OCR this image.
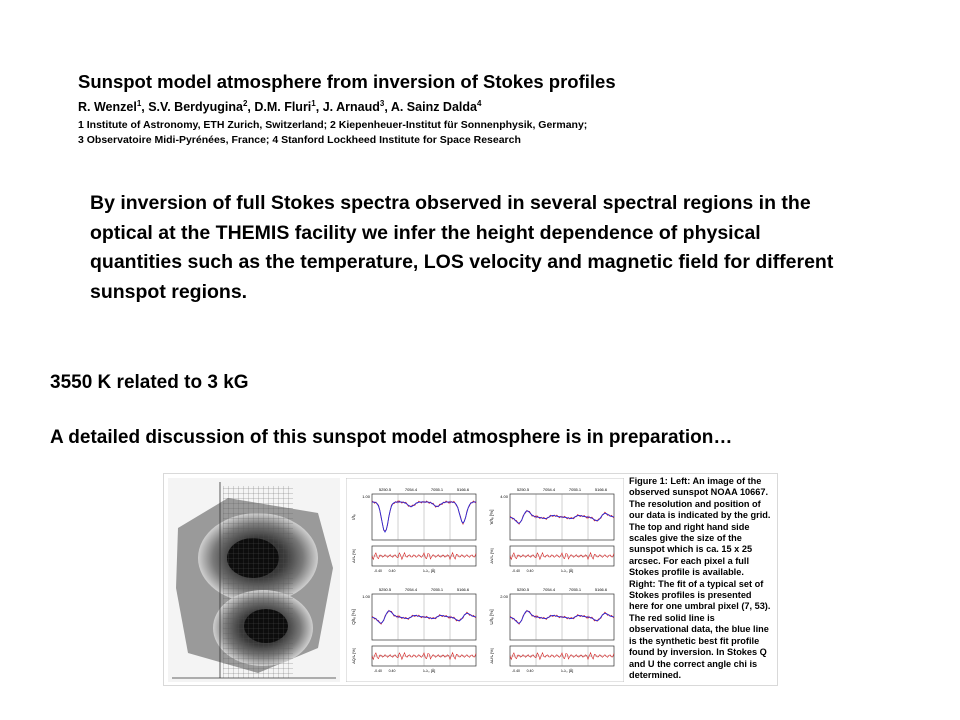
Sunspot model atmosphere from inversion of Stokes profiles
R. Wenzel$^1$, S.V. Berdyugina$^2$, D.M. Fluri$^1$, J. Arnaud$^3$, A. Sainz Dalda$^4$
1 Institute of Astronomy, ETH Zurich, Switzerland; 2 Kiepenheuer-Institut für Sonnenphysik, Germany;
3 Observatoire Midi-Pyrénées, France; 4 Stanford Lockheed Institute for Space Research
By inversion of full Stokes spectra observed in several spectral regions in the optical at the THEMIS facility we infer the height dependence of physical quantities such as the temperature, LOS velocity and magnetic field for different sunspot regions.
3550 K related to 3 kG
A detailed discussion of this sunspot model atmosphere is in preparation…
5250.5	7054.4	7055.1	5166.6
I/Iₑ
1.00
ΔI/Iₑ [%]
-0.40 0.40	λ-λ₀ [Å]
5250.5	7054.4	7055.1	5166.6
V/Iₑ [%]
4.00
ΔV/Iₑ [%]
-0.40 0.40	λ-λ₀ [Å]
5250.5	7054.4	7055.1	5166.6
Q/Iₑ [%]
1.00
ΔQ/Iₑ [%]
-0.40 0.40	λ-λ₀ [Å]
5250.5	7054.4	7055.1	5166.6
U/Iₑ [%]
2.00
ΔU/Iₑ [%]
-0.40 0.40	λ-λ₀ [Å]
Figure 1: Left: An image of the observed sunspot NOAA 10667. The resolution and position of our data is indicated by the grid. The top and right hand side scales give the size of the sunspot which is ca. 15 x 25 arcsec. For each pixel a full Stokes profile is available.
Right: The fit of a typical set of Stokes profiles is presented here for one umbral pixel (7, 53). The red solid line is observational data, the blue line is the synthetic best fit profile found by inversion. In Stokes Q and U the correct angle chi is determined.
